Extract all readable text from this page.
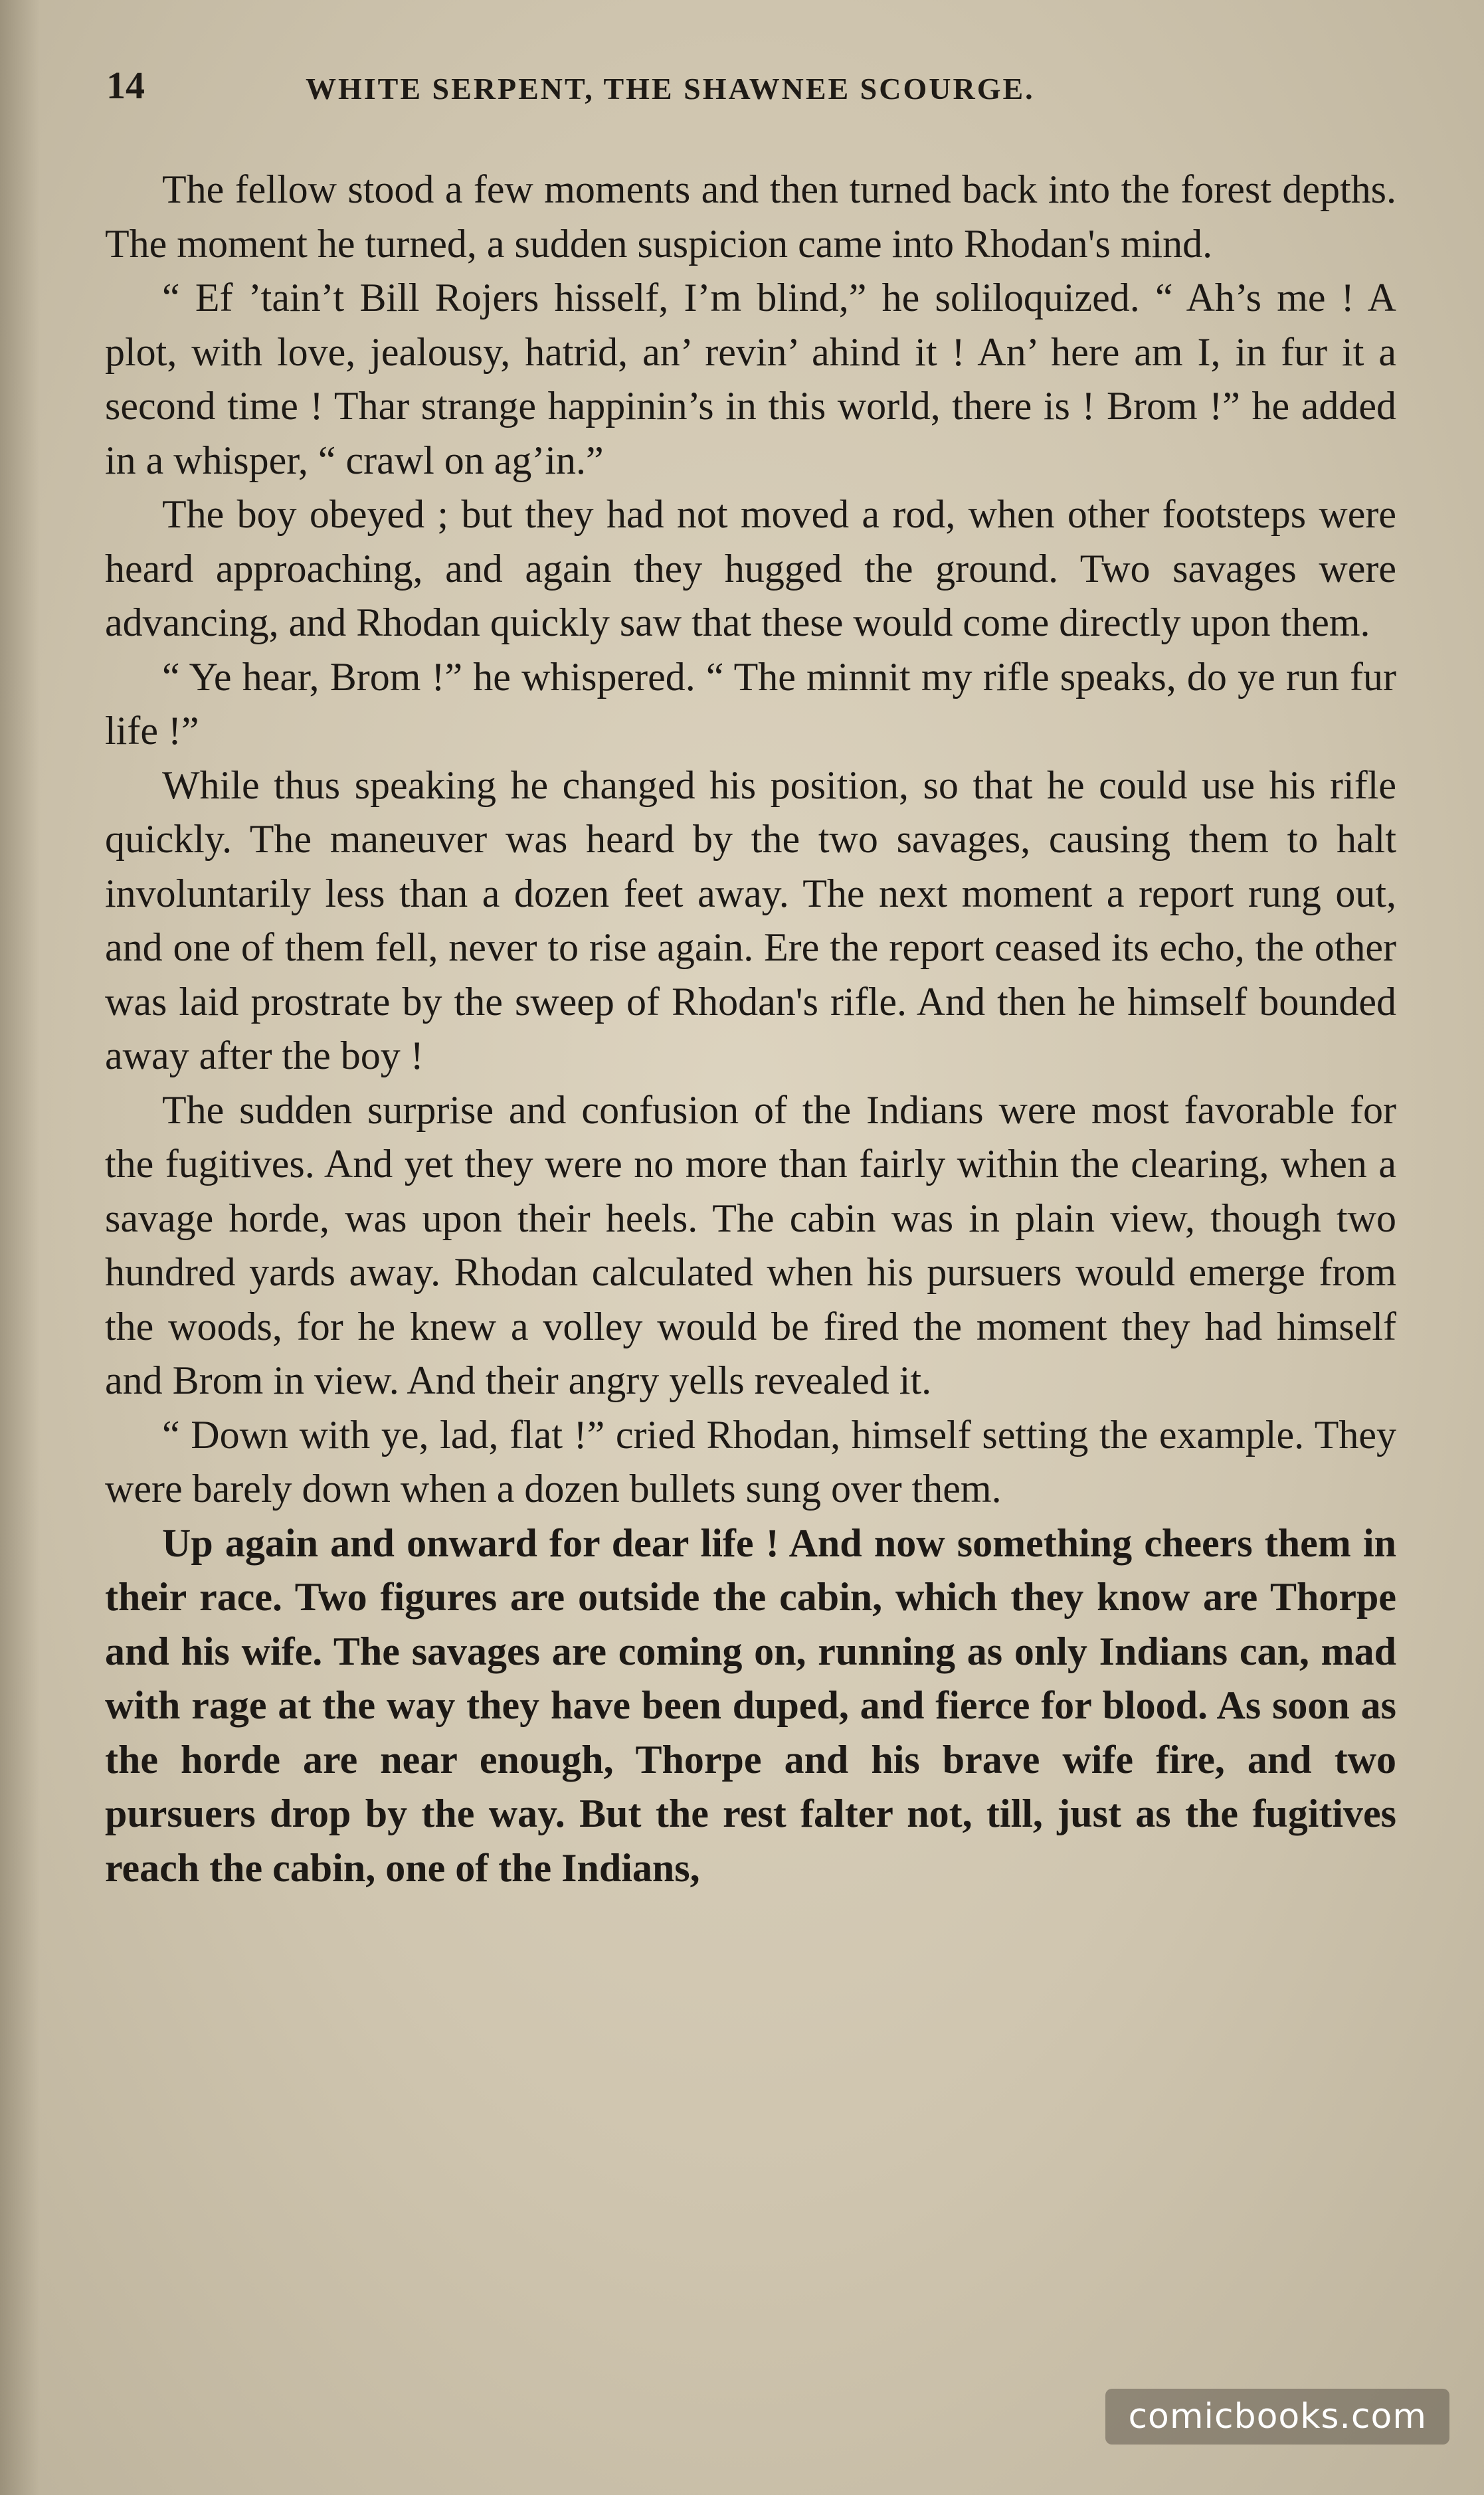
14	WHITE SERPENT, THE SHAWNEE SCOURGE.

The fellow stood a few moments and then turned back into the forest depths. The moment he turned, a sudden suspicion came into Rhodan's mind.

“ Ef ’tain’t Bill Rojers hisself, I’m blind,” he soliloquized. “ Ah’s me ! A plot, with love, jealousy, hatrid, an’ revin’ ahind it ! An’ here am I, in fur it a second time ! Thar strange happinin’s in this world, there is ! Brom !” he added in a whisper, “ crawl on ag’in.”

The boy obeyed ; but they had not moved a rod, when other footsteps were heard approaching, and again they hugged the ground. Two savages were advancing, and Rhodan quickly saw that these would come directly upon them.

“ Ye hear, Brom !” he whispered. “ The minnit my rifle speaks, do ye run fur life !”

While thus speaking he changed his position, so that he could use his rifle quickly. The maneuver was heard by the two savages, causing them to halt involuntarily less than a dozen feet away. The next moment a report rung out, and one of them fell, never to rise again. Ere the report ceased its echo, the other was laid prostrate by the sweep of Rhodan's rifle. And then he himself bounded away after the boy !

The sudden surprise and confusion of the Indians were most favorable for the fugitives. And yet they were no more than fairly within the clearing, when a savage horde, was upon their heels. The cabin was in plain view, though two hundred yards away. Rhodan calculated when his pursuers would emerge from the woods, for he knew a volley would be fired the moment they had himself and Brom in view. And their angry yells revealed it.

“ Down with ye, lad, flat !” cried Rhodan, himself setting the example. They were barely down when a dozen bullets sung over them.

Up again and onward for dear life ! And now something cheers them in their race. Two figures are outside the cabin, which they know are Thorpe and his wife. The savages are coming on, running as only Indians can, mad with rage at the way they have been duped, and fierce for blood. As soon as the horde are near enough, Thorpe and his brave wife fire, and two pursuers drop by the way. But the rest falter not, till, just as the fugitives reach the cabin, one of the Indians,

comicbooks.com
